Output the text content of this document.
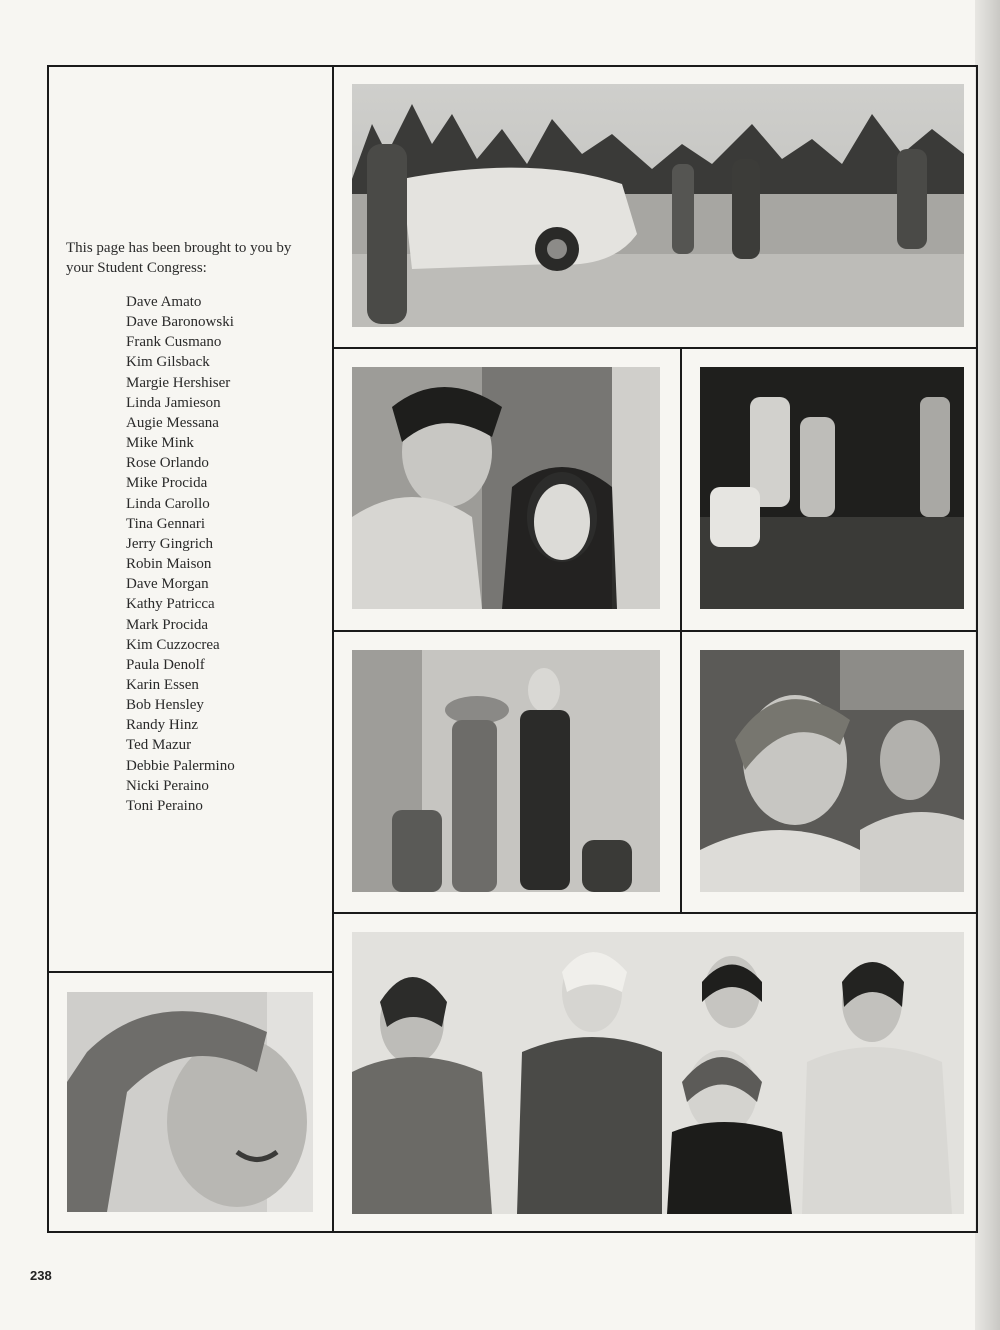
This page has been brought to you by your Student Congress:
Dave Amato
Dave Baronowski
Frank Cusmano
Kim Gilsback
Margie Hershiser
Linda Jamieson
Augie Messana
Mike Mink
Rose Orlando
Mike Procida
Linda Carollo
Tina Gennari
Jerry Gingrich
Robin Maison
Dave Morgan
Kathy Patricca
Mark Procida
Kim Cuzzocrea
Paula Denolf
Karin Essen
Bob Hensley
Randy Hinz
Ted Mazur
Debbie Palermino
Nicki Peraino
Toni Peraino
238
